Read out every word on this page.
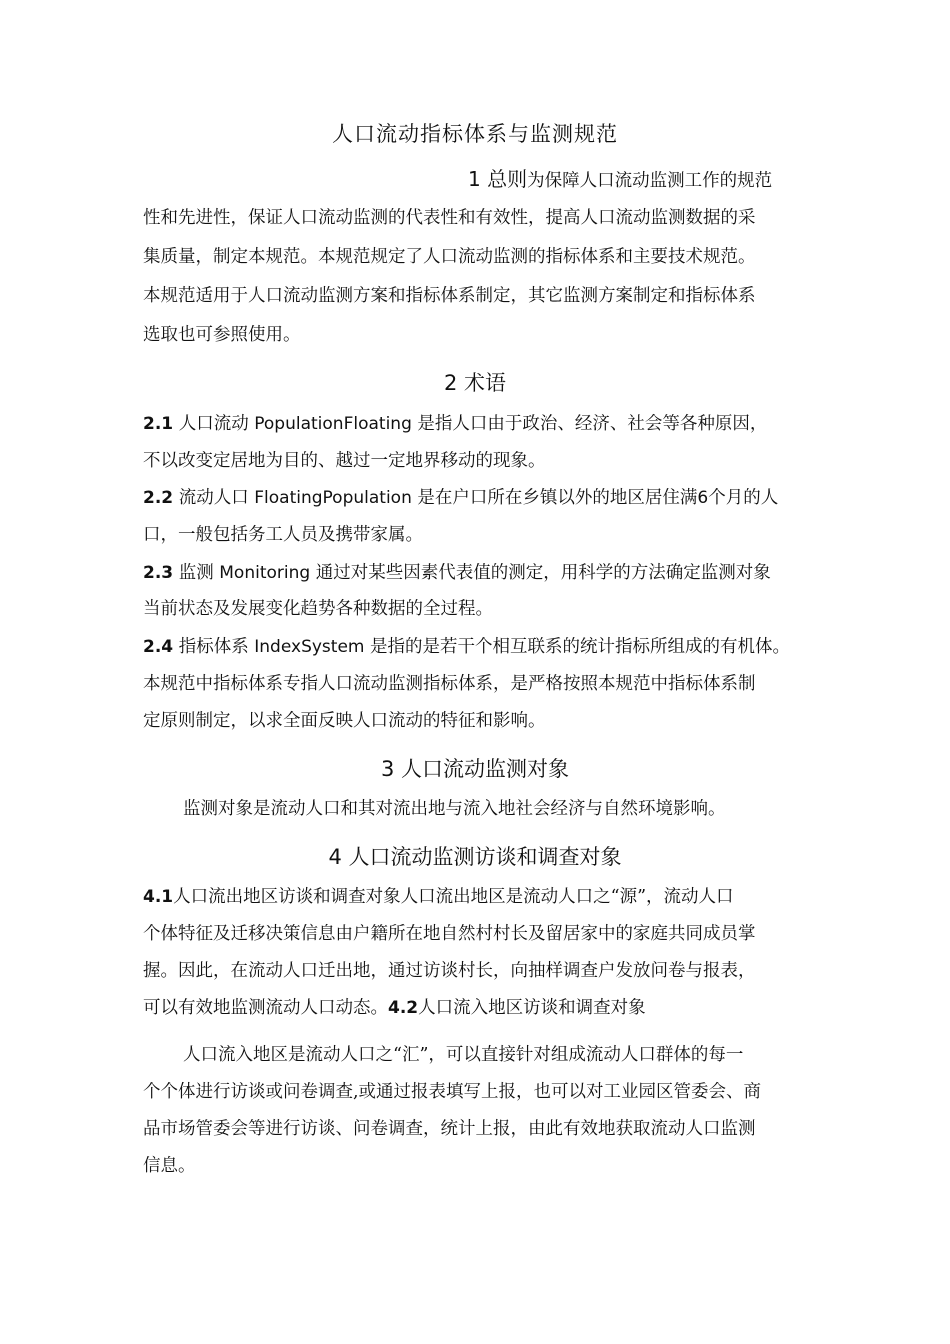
人口流动指标体系与监测规范
1 总则为保障人口流动监测工作的规范
性和先进性，保证人口流动监测的代表性和有效性，提高人口流动监测数据的采
集质量，制定本规范。本规范规定了人口流动监测的指标体系和主要技术规范。
本规范适用于人口流动监测方案和指标体系制定，其它监测方案制定和指标体系
选取也可参照使用。
2 术语
2.1 人口流动 PopulationFloating 是指人口由于政治、经济、社会等各种原因，
不以改变定居地为目的、越过一定地界移动的现象。
2.2 流动人口 FloatingPopulation 是在户口所在乡镇以外的地区居住满6个月的人
口，一般包括务工人员及携带家属。
2.3 监测 Monitoring 通过对某些因素代表值的测定，用科学的方法确定监测对象
当前状态及发展变化趋势各种数据的全过程。
2.4 指标体系 IndexSystem 是指的是若干个相互联系的统计指标所组成的有机体。
本规范中指标体系专指人口流动监测指标体系，是严格按照本规范中指标体系制
定原则制定，以求全面反映人口流动的特征和影响。
3 人口流动监测对象
监测对象是流动人口和其对流出地与流入地社会经济与自然环境影响。
4 人口流动监测访谈和调查对象
4.1人口流出地区访谈和调查对象人口流出地区是流动人口之“源”，流动人口
个体特征及迁移决策信息由户籍所在地自然村村长及留居家中的家庭共同成员掌
握。因此，在流动人口迁出地，通过访谈村长，向抽样调查户发放问卷与报表，
可以有效地监测流动人口动态。4.2人口流入地区访谈和调查对象
人口流入地区是流动人口之“汇”，可以直接针对组成流动人口群体的每一
个个体进行访谈或问卷调查,或通过报表填写上报，也可以对工业园区管委会、商
品市场管委会等进行访谈、问卷调查，统计上报，由此有效地获取流动人口监测
信息。
